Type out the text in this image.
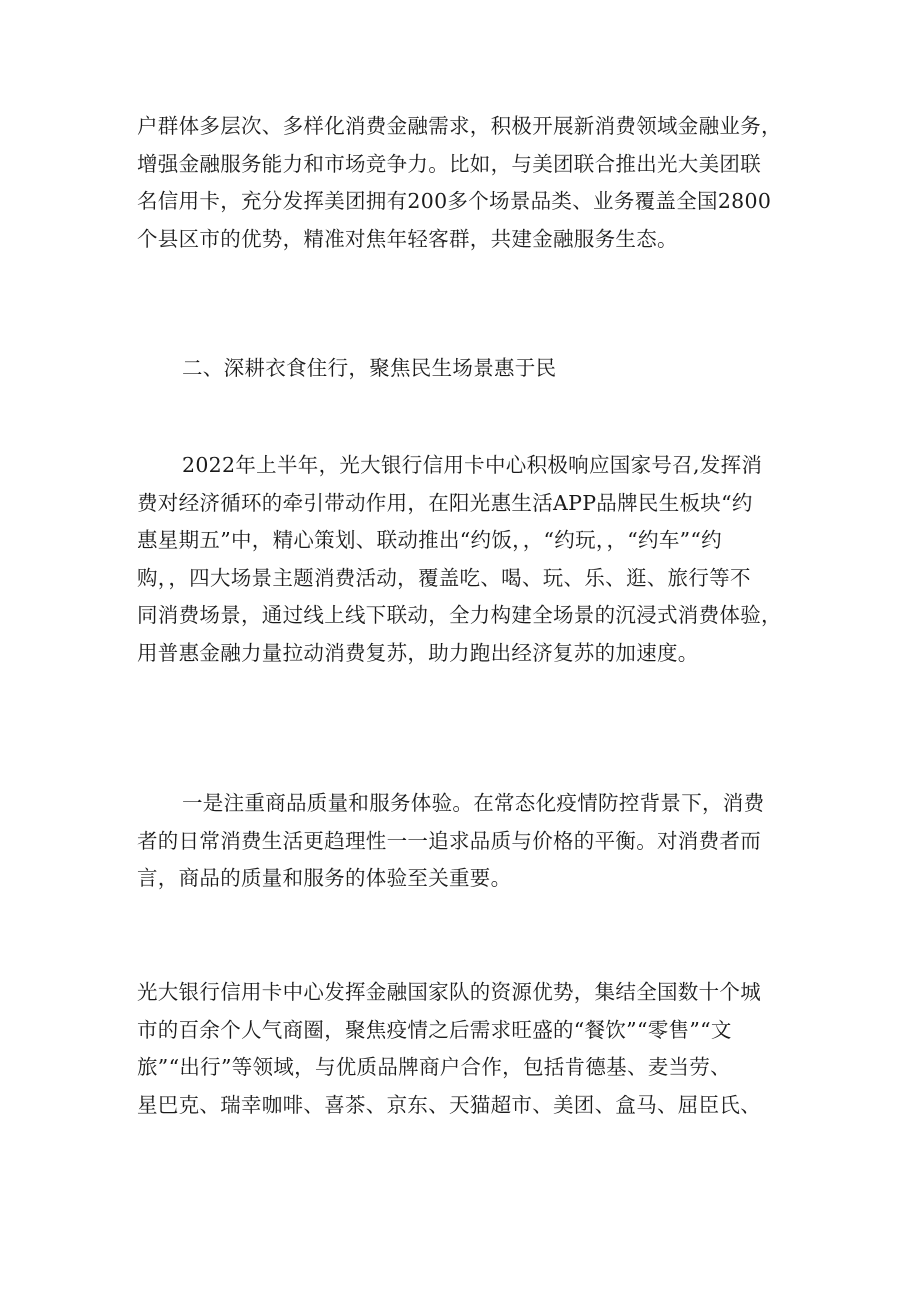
户群体多层次、多样化消费金融需求，积极开展新消费领域金融业务，
增强金融服务能力和市场竞争力。比如，与美团联合推出光大美团联
名信用卡，充分发挥美团拥有200多个场景品类、业务覆盖全国2800
个县区市的优势，精准对焦年轻客群，共建金融服务生态。

二、深耕衣食住行，聚焦民生场景惠于民

2022年上半年，光大银行信用卡中心积极响应国家号召,发挥消
费对经济循环的牵引带动作用，在阳光惠生活APP品牌民生板块“约
惠星期五”中，精心策划、联动推出“约饭，，“约玩，，“约车”“约
购，，四大场景主题消费活动，覆盖吃、喝、玩、乐、逛、旅行等不
同消费场景，通过线上线下联动，全力构建全场景的沉浸式消费体验，
用普惠金融力量拉动消费复苏，助力跑出经济复苏的加速度。

一是注重商品质量和服务体验。在常态化疫情防控背景下，消费
者的日常消费生活更趋理性一一追求品质与价格的平衡。对消费者而
言，商品的质量和服务的体验至关重要。

光大银行信用卡中心发挥金融国家队的资源优势，集结全国数十个城
市的百余个人气商圈，聚焦疫情之后需求旺盛的“餐饮”“零售”“文
旅”“出行”等领域，与优质品牌商户合作，包括肯德基、麦当劳、
星巴克、瑞幸咖啡、喜茶、京东、天猫超市、美团、盒马、屈臣氏、
